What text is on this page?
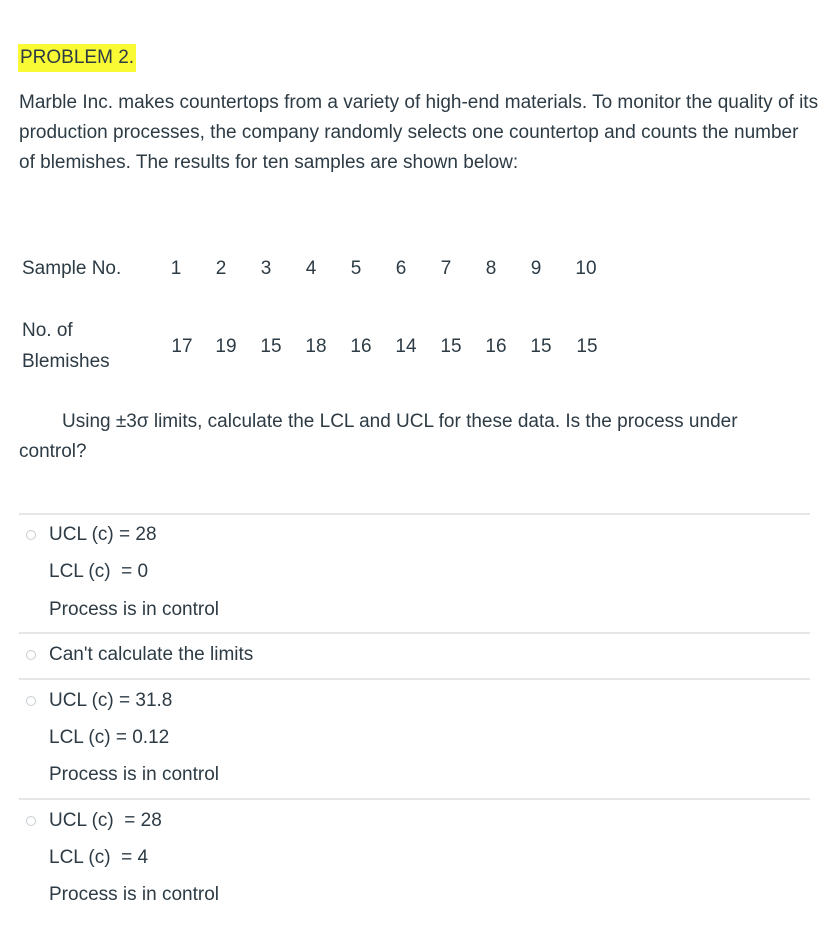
PROBLEM 2.
Marble Inc. makes countertops from a variety of high-end materials. To monitor the quality of its production processes, the company randomly selects one countertop and counts the number of blemishes. The results for ten samples are shown below:
Sample No.	1	2	3	4	5	6	7	8	9	10
No. of
Blemishes
17	19	15	18	16	14	15	16	15	15
Using ±3σ limits, calculate the LCL and UCL for these data. Is the process under control?
UCL (c) = 28
LCL (c)  = 0
Process is in control
Can't calculate the limits
UCL (c) = 31.8
LCL (c) = 0.12
Process is in control
UCL (c)  = 28
LCL (c)  = 4
Process is in control
